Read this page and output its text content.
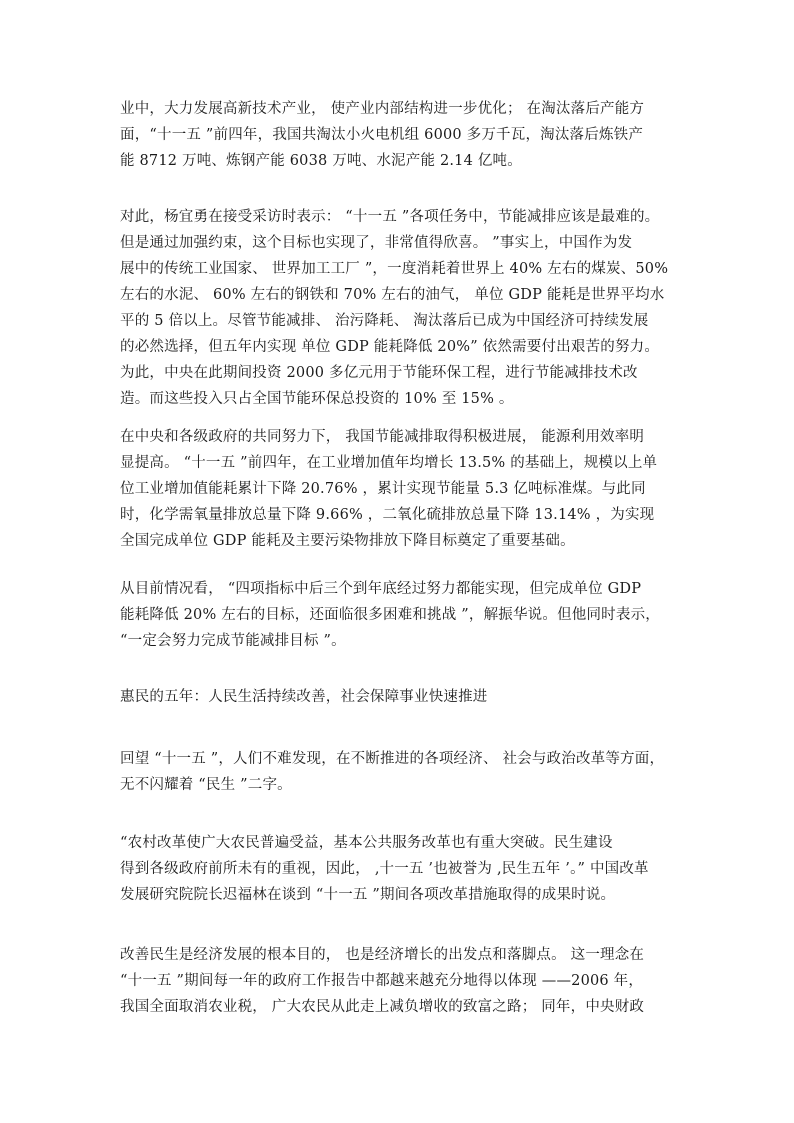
业中，大力发展高新技术产业， 使产业内部结构进一步优化； 在淘汰落后产能方
面，“十一五 ”前四年，我国共淘汰小火电机组 6000 多万千瓦，淘汰落后炼铁产
能 8712 万吨、炼钢产能 6038 万吨、水泥产能 2.14 亿吨。

对此，杨宜勇在接受采访时表示： “十一五 ”各项任务中，节能减排应该是最难的。
但是通过加强约束，这个目标也实现了，非常值得欣喜。 ”事实上，中国作为发
展中的传统工业国家、 世界加工工厂 ”，一度消耗着世界上 40% 左右的煤炭、50%
左右的水泥、 60% 左右的钢铁和 70% 左右的油气， 单位 GDP 能耗是世界平均水
平的 5 倍以上。尽管节能减排、 治污降耗、 淘汰落后已成为中国经济可持续发展
的必然选择，但五年内实现 单位 GDP 能耗降低 20%” 依然需要付出艰苦的努力。
为此，中央在此期间投资 2000 多亿元用于节能环保工程，进行节能减排技术改
造。而这些投入只占全国节能环保总投资的 10% 至 15% 。

在中央和各级政府的共同努力下， 我国节能减排取得积极进展， 能源利用效率明
显提高。 “十一五 ”前四年，在工业增加值年均增长 13.5% 的基础上，规模以上单
位工业增加值能耗累计下降 20.76% ，累计实现节能量 5.3 亿吨标准煤。与此同
时，化学需氧量排放总量下降 9.66% ，二氧化硫排放总量下降 13.14% ，为实现
全国完成单位 GDP 能耗及主要污染物排放下降目标奠定了重要基础。

从目前情况看， “四项指标中后三个到年底经过努力都能实现，但完成单位 GDP
能耗降低 20% 左右的目标，还面临很多困难和挑战 ”，解振华说。但他同时表示，
“一定会努力完成节能减排目标 ”。

惠民的五年：人民生活持续改善，社会保障事业快速推进

回望 “十一五 ”，人们不难发现，在不断推进的各项经济、 社会与政治改革等方面，
无不闪耀着 “民生 ”二字。

“农村改革使广大农民普遍受益，基本公共服务改革也有重大突破。民生建设
得到各级政府前所未有的重视，因此， ‚十一五 ’也被誉为 ‚民生五年 ’。” 中国改革
发展研究院院长迟福林在谈到 “十一五 ”期间各项改革措施取得的成果时说。

改善民生是经济发展的根本目的， 也是经济增长的出发点和落脚点。 这一理念在
“十一五 ”期间每一年的政府工作报告中都越来越充分地得以体现 ——2006 年，
我国全面取消农业税， 广大农民从此走上减负增收的致富之路； 同年，中央财政
